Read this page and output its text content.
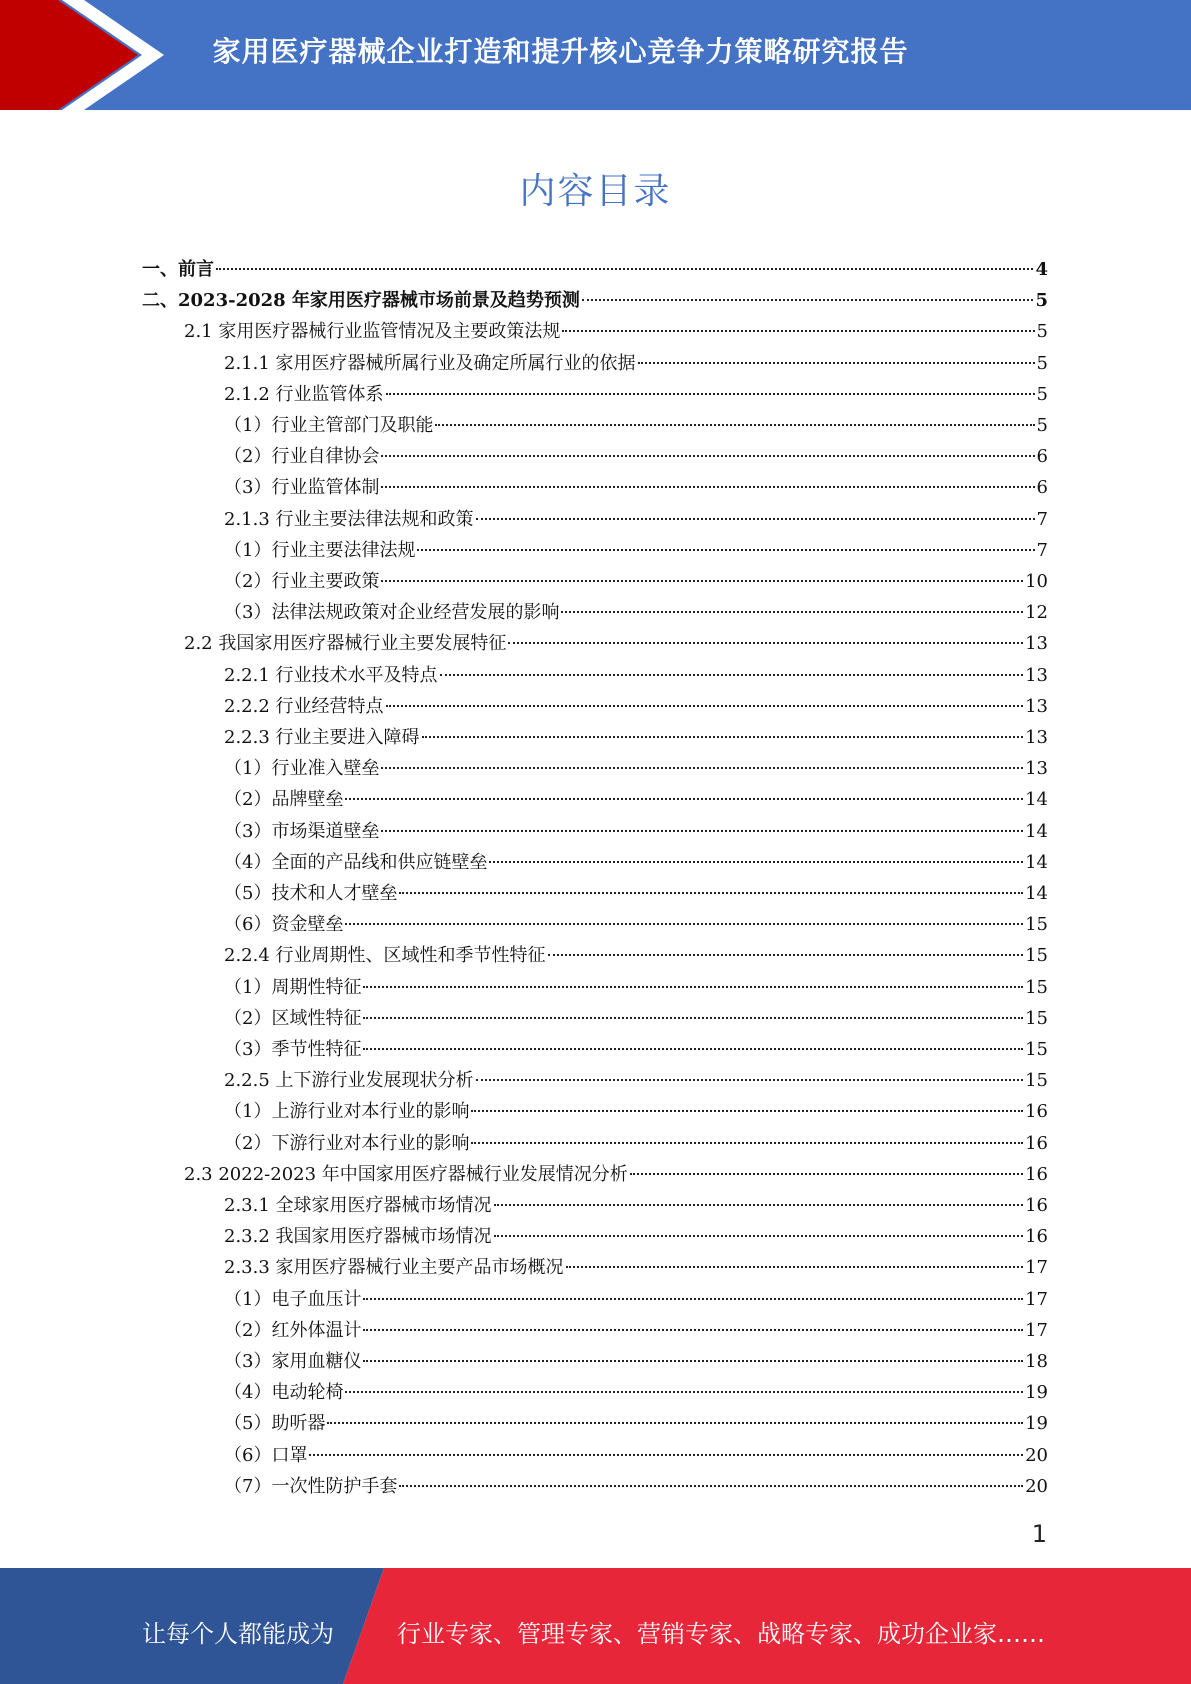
家用医疗器械企业打造和提升核心竞争力策略研究报告
内容目录
一、前言	4
二、2023-2028 年家用医疗器械市场前景及趋势预测	5
2.1 家用医疗器械行业监管情况及主要政策法规	5
2.1.1 家用医疗器械所属行业及确定所属行业的依据	5
2.1.2 行业监管体系	5
（1）行业主管部门及职能	5
（2）行业自律协会	6
（3）行业监管体制	6
2.1.3 行业主要法律法规和政策	7
（1）行业主要法律法规	7
（2）行业主要政策	10
（3）法律法规政策对企业经营发展的影响	12
2.2 我国家用医疗器械行业主要发展特征	13
2.2.1 行业技术水平及特点	13
2.2.2 行业经营特点	13
2.2.3 行业主要进入障碍	13
（1）行业准入壁垒	13
（2）品牌壁垒	14
（3）市场渠道壁垒	14
（4）全面的产品线和供应链壁垒	14
（5）技术和人才壁垒	14
（6）资金壁垒	15
2.2.4 行业周期性、区域性和季节性特征	15
（1）周期性特征	15
（2）区域性特征	15
（3）季节性特征	15
2.2.5 上下游行业发展现状分析	15
（1）上游行业对本行业的影响	16
（2）下游行业对本行业的影响	16
2.3 2022-2023 年中国家用医疗器械行业发展情况分析	16
2.3.1 全球家用医疗器械市场情况	16
2.3.2 我国家用医疗器械市场情况	16
2.3.3 家用医疗器械行业主要产品市场概况	17
（1）电子血压计	17
（2）红外体温计	17
（3）家用血糖仪	18
（4）电动轮椅	19
（5）助听器	19
（6）口罩	20
（7）一次性防护手套	20
1
让每个人都能成为	行业专家、管理专家、营销专家、战略专家、成功企业家……
